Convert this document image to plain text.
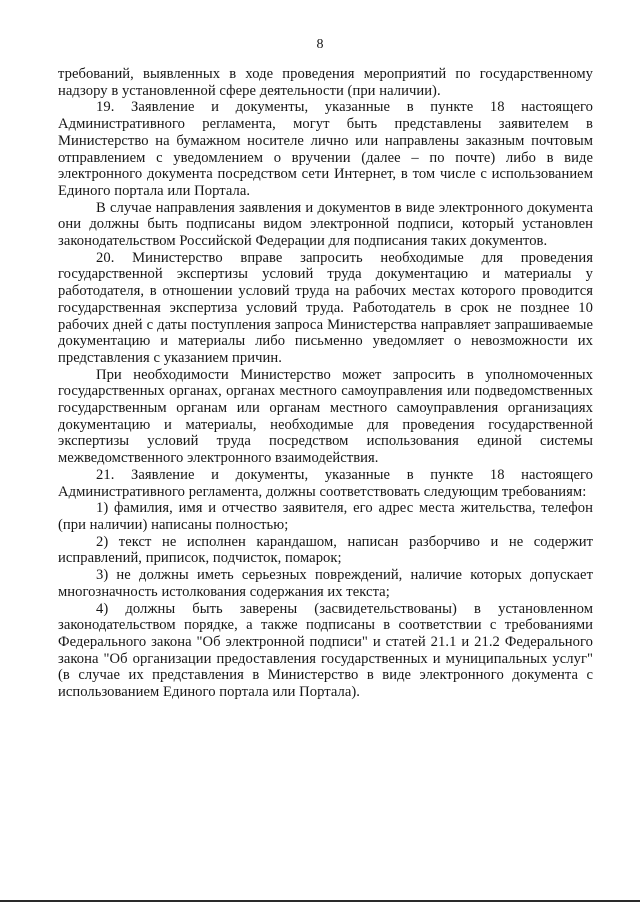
8

требований, выявленных в ходе проведения мероприятий по государственному надзору в установленной сфере деятельности (при наличии).

19. Заявление и документы, указанные в пункте 18 настоящего Административного регламента, могут быть представлены заявителем в Министерство на бумажном носителе лично или направлены заказным почтовым отправлением с уведомлением о вручении (далее – по почте) либо в виде электронного документа посредством сети Интернет, в том числе с использованием Единого портала или Портала.

В случае направления заявления и документов в виде электронного документа они должны быть подписаны видом электронной подписи, который установлен законодательством Российской Федерации для подписания таких документов.

20. Министерство вправе запросить необходимые для проведения государственной экспертизы условий труда документацию и материалы у работодателя, в отношении условий труда на рабочих местах которого проводится государственная экспертиза условий труда. Работодатель в срок не позднее 10 рабочих дней с даты поступления запроса Министерства направляет запрашиваемые документацию и материалы либо письменно уведомляет о невозможности их представления с указанием причин.

При необходимости Министерство может запросить в уполномоченных государственных органах, органах местного самоуправления или подведомственных государственным органам или органам местного самоуправления организациях документацию и материалы, необходимые для проведения государственной экспертизы условий труда посредством использования единой системы межведомственного электронного взаимодействия.

21. Заявление и документы, указанные в пункте 18 настоящего Административного регламента, должны соответствовать следующим требованиям:

1) фамилия, имя и отчество заявителя, его адрес места жительства, телефон (при наличии) написаны полностью;

2) текст не исполнен карандашом, написан разборчиво и не содержит исправлений, приписок, подчисток, помарок;

3) не должны иметь серьезных повреждений, наличие которых допускает многозначность истолкования содержания их текста;

4) должны быть заверены (засвидетельствованы) в установленном законодательством порядке, а также подписаны в соответствии с требованиями Федерального закона "Об электронной подписи" и статей 21.1 и 21.2 Федерального закона "Об организации предоставления государственных и муниципальных услуг" (в случае их представления в Министерство в виде электронного документа с использованием Единого портала или Портала).
